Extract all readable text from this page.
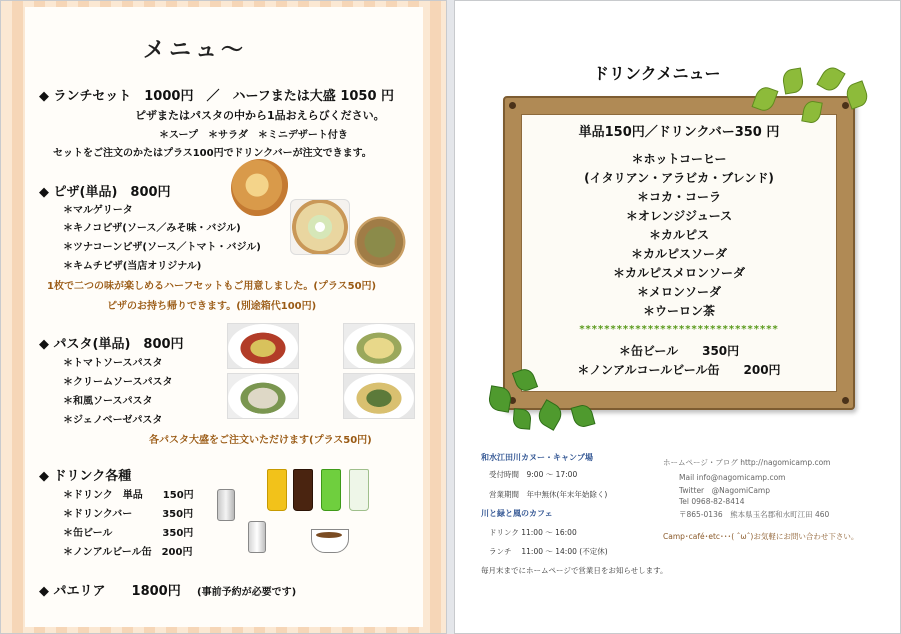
メニュ〜
◆ ランチセット　1000円　／　ハーフまたは大盛 1050 円
ピザまたはパスタの中から1品おえらびください。
＊スープ　＊サラダ　＊ミニデザート付き
セットをご注文のかたはプラス100円でドリンクバーが注文できます。
◆ ピザ(単品)　800円
＊マルゲリータ
＊キノコピザ(ソース／みそ味・バジル)
＊ツナコーンピザ(ソース／トマト・バジル)
＊キムチピザ(当店オリジナル)
1枚で二つの味が楽しめるハーフセットもご用意しました。(プラス50円)
ピザのお持ち帰りできます。(別途箱代100円)
◆ パスタ(単品)　800円
＊トマトソースパスタ
＊クリームソースパスタ
＊和風ソースパスタ
＊ジェノベーゼパスタ
各パスタ大盛をご注文いただけます(プラス50円)
◆ ドリンク各種
＊ドリンク　単品　　150円
＊ドリンクバー　　　350円
＊缶ビール　　　　　350円
＊ノンアルビール缶　200円
◆ パエリア　　1800円 (事前予約が必要です)
ドリンクメニュー
単品150円／ドリンクバー350 円
＊ホットコーヒー
(イタリアン・アラビカ・ブレンド)
＊コカ・コーラ
＊オレンジジュース
＊カルピス
＊カルピスソーダ
＊カルピスメロンソーダ
＊メロンソーダ
＊ウーロン茶
********************************
＊缶ビール　　350円
＊ノンアルコールビール缶　　200円
和水江田川カヌー・キャンプ場
受付時間　9:00 ～ 17:00
営業期間　年中無休(年末年始除く)
川と緑と風のカフェ
ドリンク 11:00 ～ 16:00
ランチ　 11:00 ～ 14:00 (不定休)
毎月末までにホームページで営業日をお知らせします。
ホームページ・ブログ http://nagomicamp.com
Mail info@nagomicamp.com
Twitter　@NagomiCamp
Tel 0968-82-8414
〒865-0136　熊本県玉名郡和水町江田 460
Camp･café･etc･･･( ˆωˆ)お気軽にお問い合わせ下さい。
